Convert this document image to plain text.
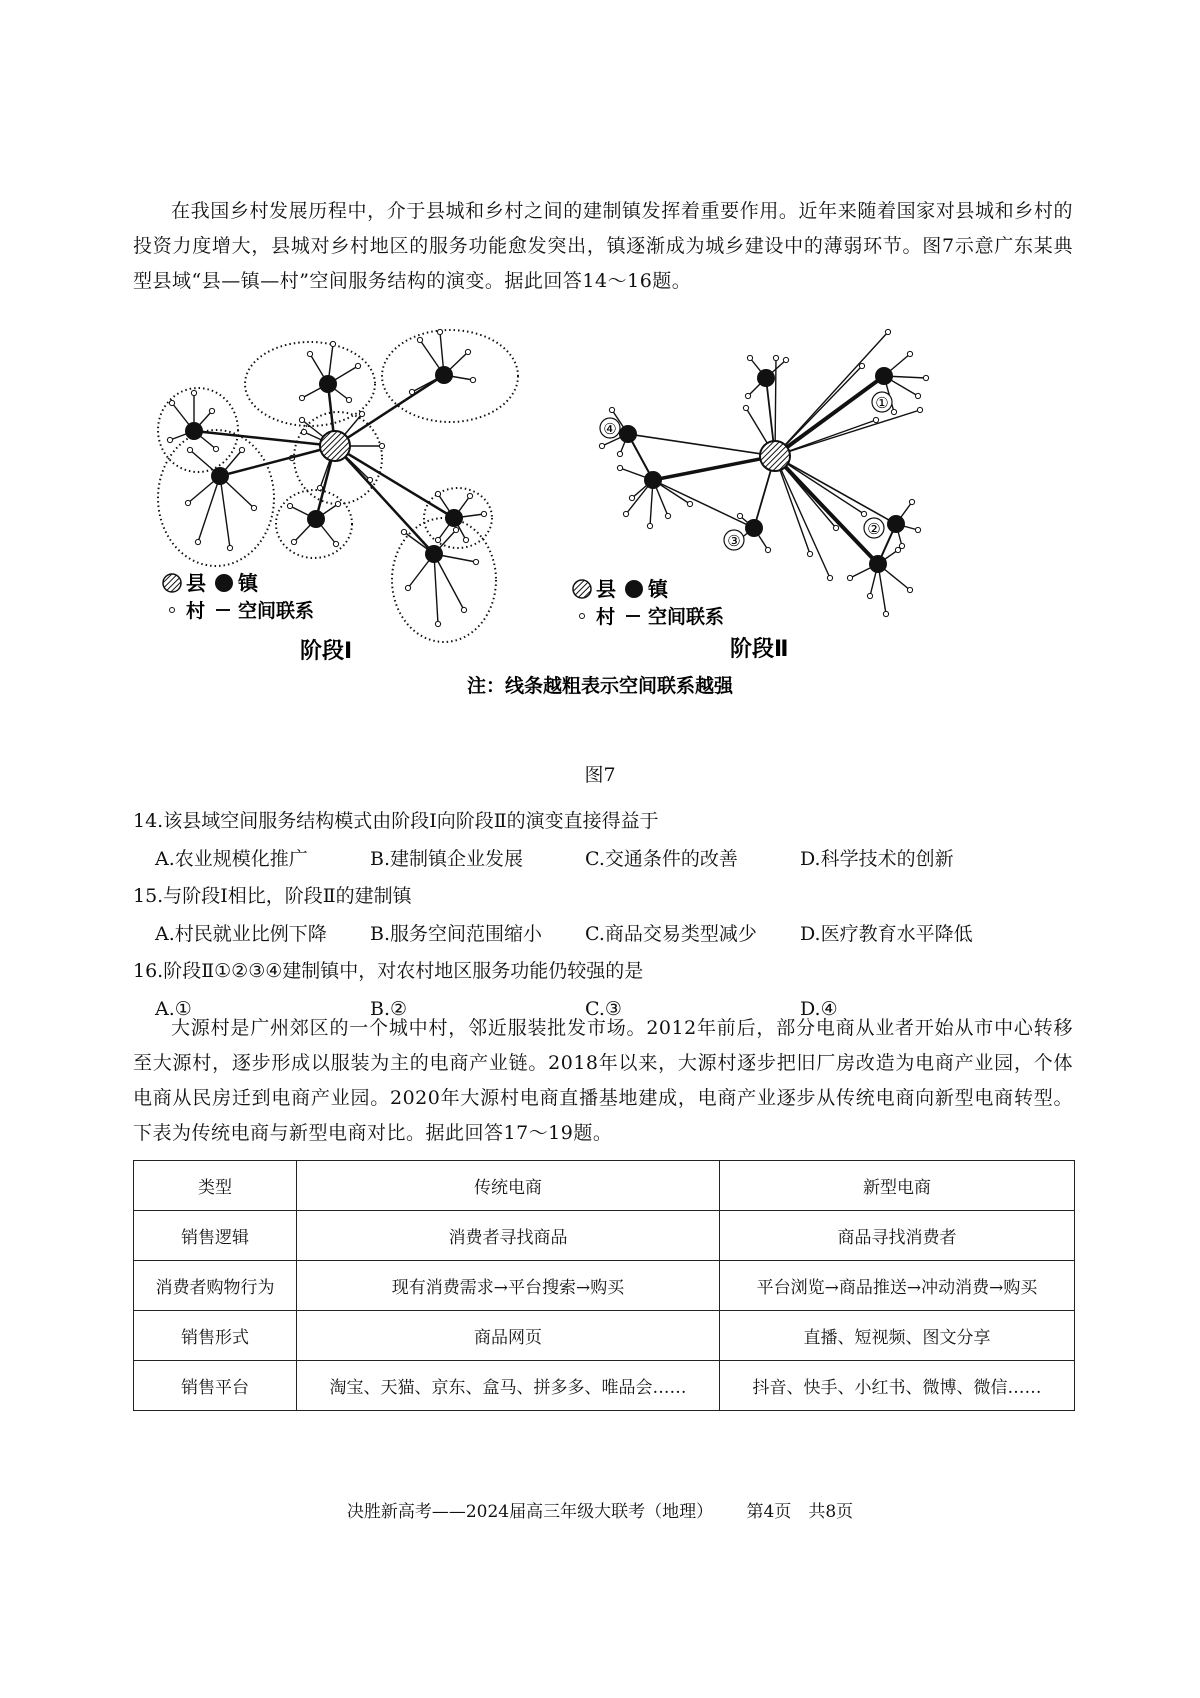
在我国乡村发展历程中，介于县城和乡村之间的建制镇发挥着重要作用。近年来随着国家对县城和乡村的投资力度增大，县城对乡村地区的服务功能愈发突出，镇逐渐成为城乡建设中的薄弱环节。图7示意广东某典型县域“县—镇—村”空间服务结构的演变。据此回答14～16题。

①
②
③
④
县 镇
村 空间联系
阶段Ⅰ
县 镇
村 空间联系
阶段Ⅱ
注：线条越粗表示空间联系越强
图7
14.该县域空间服务结构模式由阶段Ⅰ向阶段Ⅱ的演变直接得益于
A.农业规模化推广	B.建制镇企业发展	C.交通条件的改善	D.科学技术的创新
15.与阶段Ⅰ相比，阶段Ⅱ的建制镇
A.村民就业比例下降 B.服务空间范围缩小 C.商品交易类型减少 D.医疗教育水平降低
16.阶段Ⅱ①②③④建制镇中，对农村地区服务功能仍较强的是
A.①	B.②	C.③	D.④

大源村是广州郊区的一个城中村，邻近服装批发市场。2012年前后，部分电商从业者开始从市中心转移至大源村，逐步形成以服装为主的电商产业链。2018年以来，大源村逐步把旧厂房改造为电商产业园，个体电商从民房迁到电商产业园。2020年大源村电商直播基地建成，电商产业逐步从传统电商向新型电商转型。下表为传统电商与新型电商对比。据此回答17～19题。

类型	传统电商	新型电商
销售逻辑	消费者寻找商品	商品寻找消费者
消费者购物行为	现有消费需求→平台搜索→购买	平台浏览→商品推送→冲动消费→购买
销售形式	商品网页	直播、短视频、图文分享
销售平台	淘宝、天猫、京东、盒马、拼多多、唯品会……	抖音、快手、小红书、微博、微信……
决胜新高考——2024届高三年级大联考（地理） 第4页　共8页
